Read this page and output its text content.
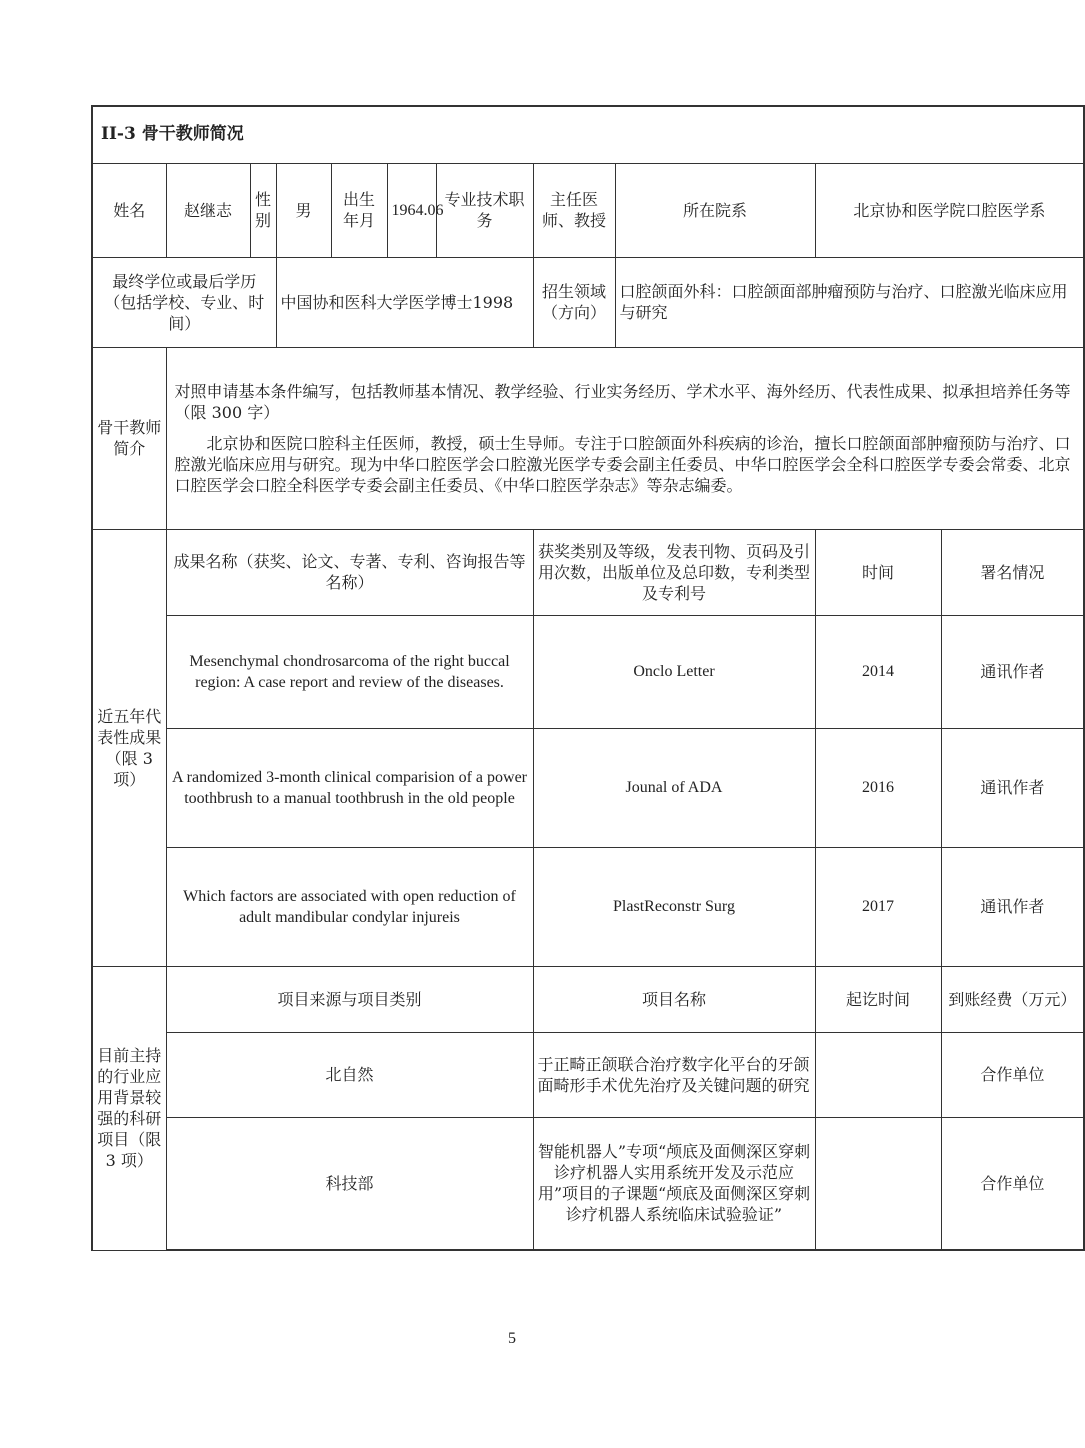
II-3 骨干教师简况										
姓名	赵继志	性别	男	出生年月	1964.06	专业技术职　务	主任医师、教授	所在院系	北京协和医学院口腔医学系	
最终学位或最后学历（包括学校、专业、时间）			中国协和医科大学医学博士1998				招生领域（方向）	口腔颌面外科：口腔颌面部肿瘤预防与治疗、口腔激光临床应用与研究		
骨干教师简介	对照申请基本条件编写，包括教师基本情况、教学经验、行业实务经历、学术水平、海外经历、代表性成果、拟承担培养任务等（限 300 字）

北京协和医院口腔科主任医师，教授，硕士生导师。专注于口腔颌面外科疾病的诊治，擅长口腔颌面部肿瘤预防与治疗、口腔激光临床应用与研究。现为中华口腔医学会口腔激光医学专委会副主任委员、中华口腔医学会全科口腔医学专委会常委、北京口腔医学会口腔全科医学专委会副主任委员、《中华口腔医学杂志》等杂志编委。									

近五年代表性成果（限 3 项）	成果名称（获奖、论文、专著、专利、咨询报告等名称）						获奖类别及等级，发表刊物、页码及引用次数，出版单位及总印数，专利类型及专利号		时间	署名情况
	Mesenchymal chondrosarcoma of the right buccal region: A case report and review of the diseases.						Onclo Letter		2014	通讯作者
	A randomized 3-month clinical comparision of a power toothbrush to a manual toothbrush in the old people						Jounal of ADA		2016	通讯作者
	Which factors are associated with open reduction of adult mandibular condylar injureis						PlastReconstr Surg		2017	通讯作者
目前主持的行业应用背景较强的科研项目（限 3 项）	项目来源与项目类别						项目名称		起讫时间	到账经费（万元）
	北自然						于正畸正颌联合治疗数字化平台的牙颌面畸形手术优先治疗及关键问题的研究			合作单位
	科技部						智能机器人”专项“颅底及面侧深区穿刺诊疗机器人实用系统开发及示范应用”项目的子课题“颅底及面侧深区穿刺诊疗机器人系统临床试验验证”			合作单位
5
